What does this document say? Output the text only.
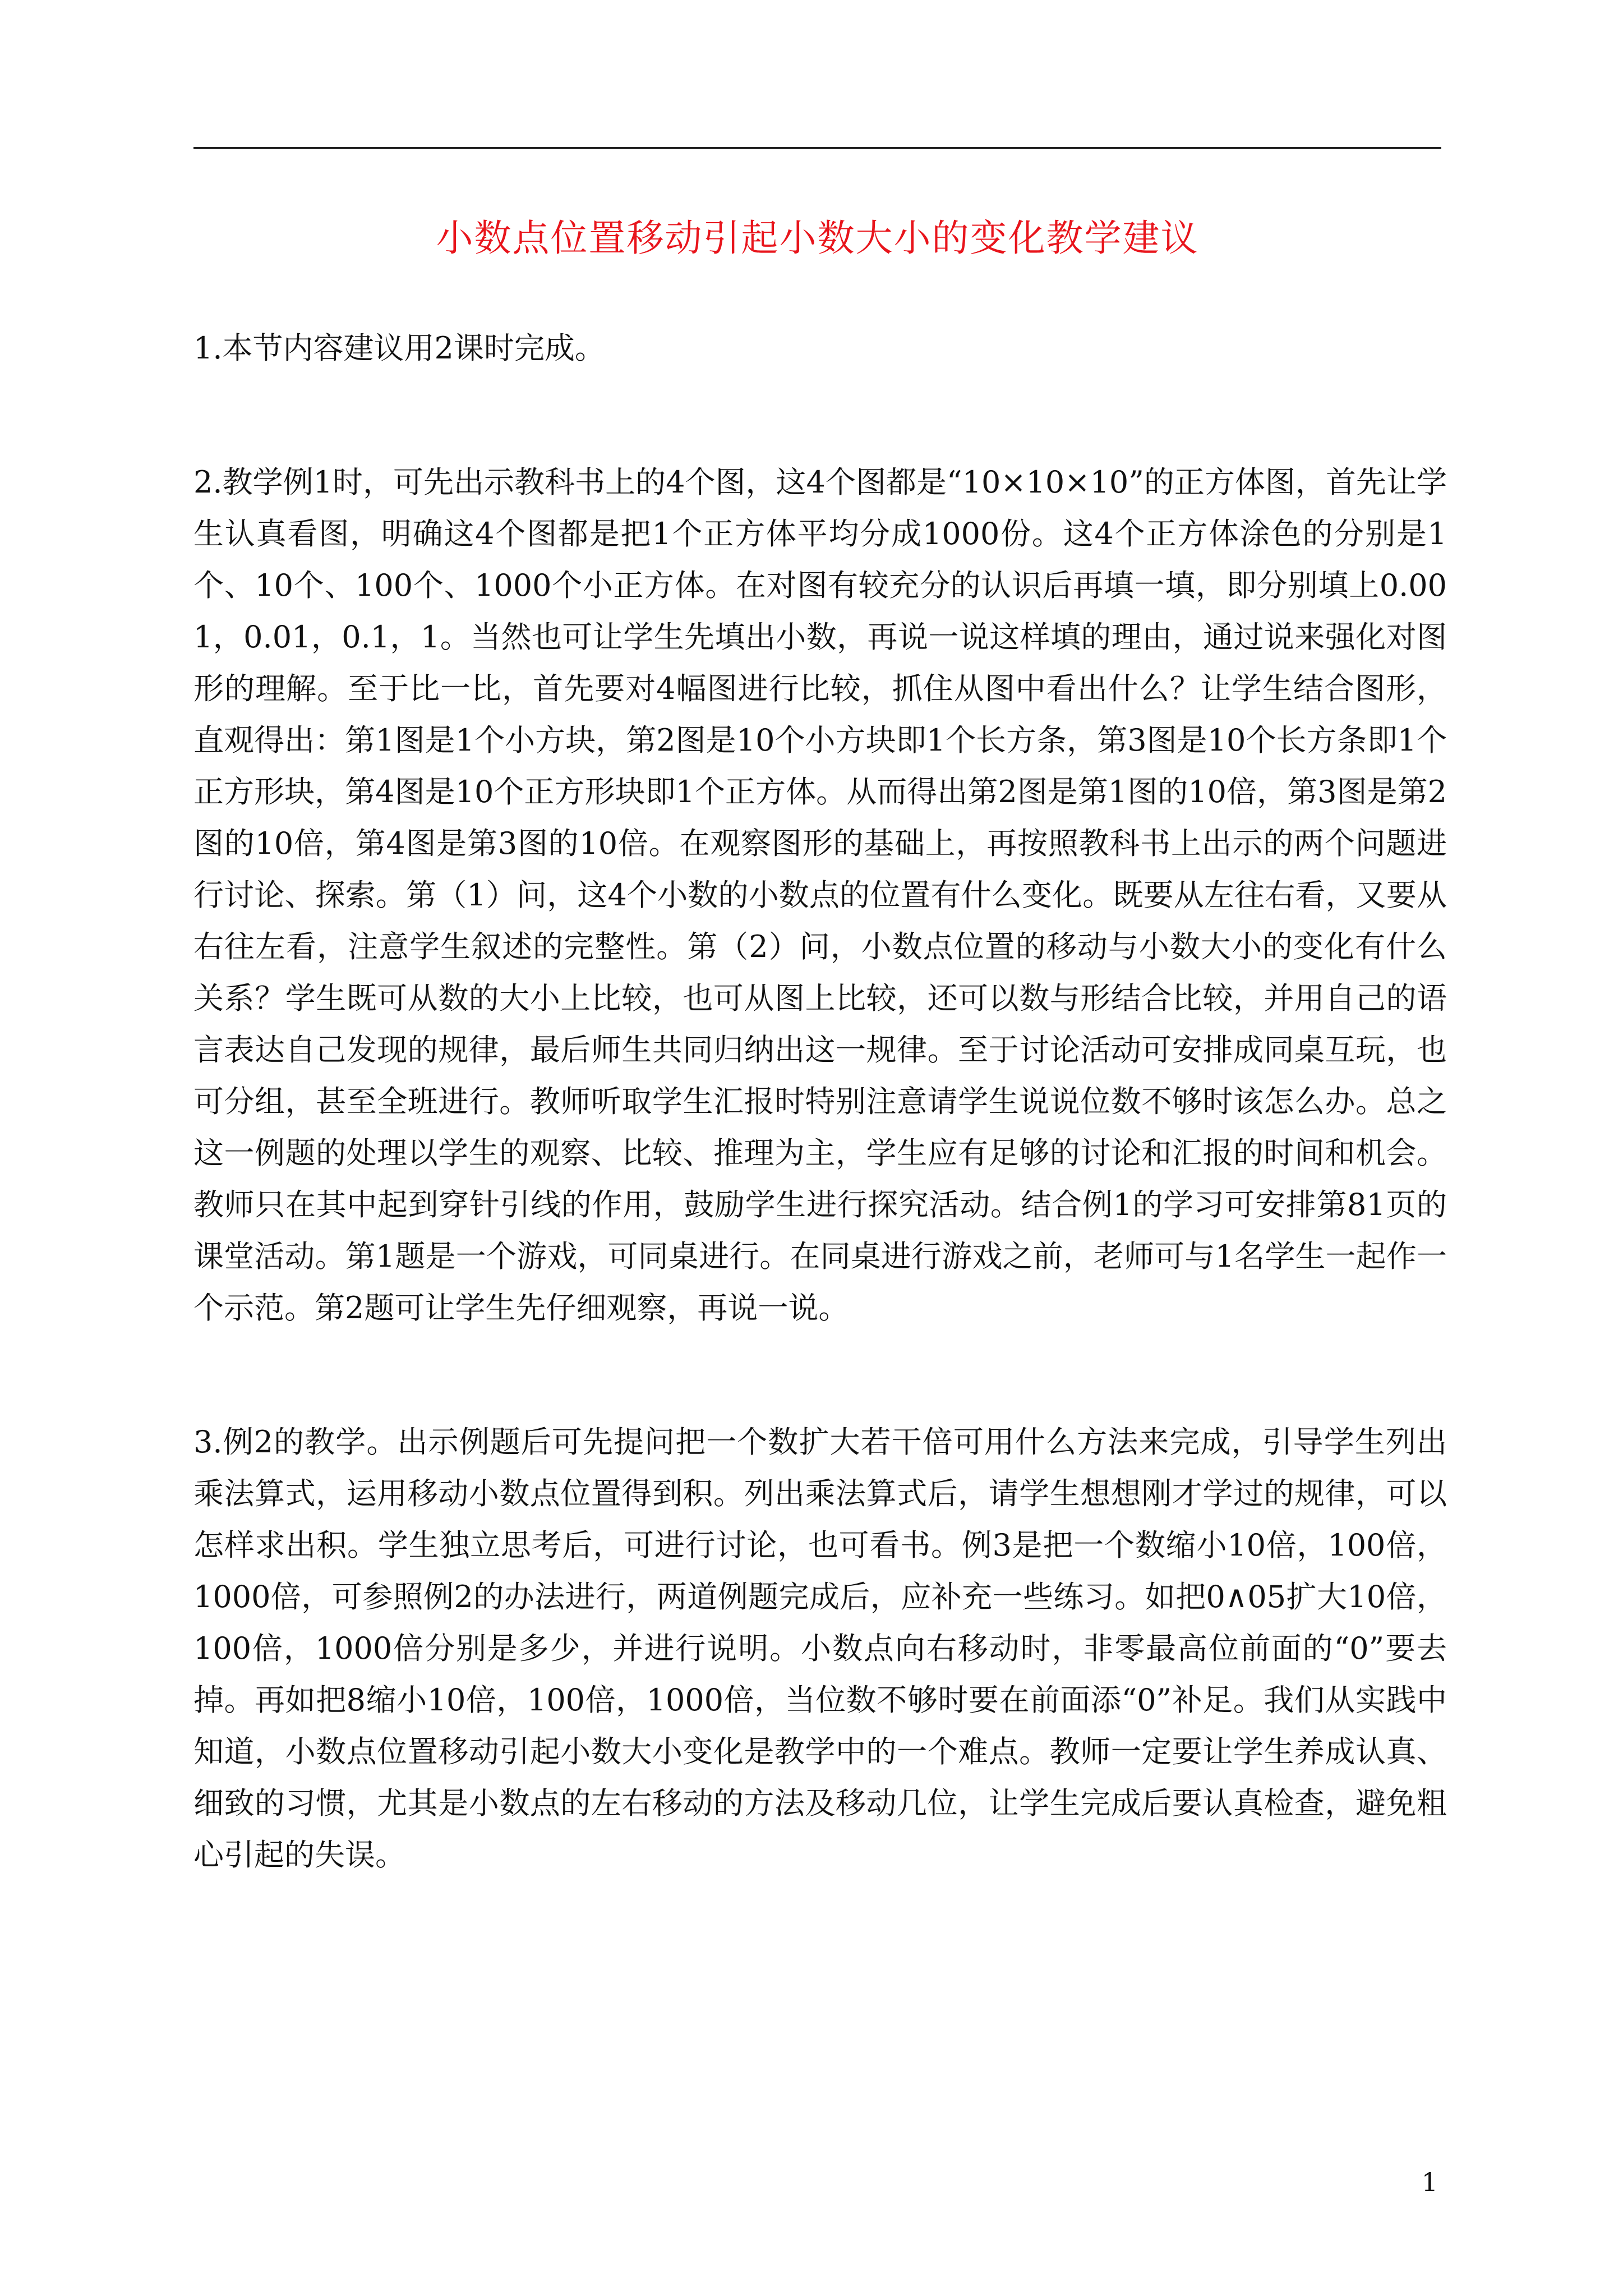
小数点位置移动引起小数大小的变化教学建议

1.本节内容建议用2课时完成。

2.教学例1时，可先出示教科书上的4个图，这4个图都是“10×10×10”的正方体图，首先让学生认真看图，明确这4个图都是把1个正方体平均分成1000份。这4个正方体涂色的分别是1个、10个、100个、1000个小正方体。在对图有较充分的认识后再填一填，即分别填上0.001，0.01，0.1，1。当然也可让学生先填出小数，再说一说这样填的理由，通过说来强化对图形的理解。至于比一比，首先要对4幅图进行比较，抓住从图中看出什么？让学生结合图形，直观得出：第1图是1个小方块，第2图是10个小方块即1个长方条，第3图是10个长方条即1个正方形块，第4图是10个正方形块即1个正方体。从而得出第2图是第1图的10倍，第3图是第2图的10倍，第4图是第3图的10倍。在观察图形的基础上，再按照教科书上出示的两个问题进行讨论、探索。第（1）问，这4个小数的小数点的位置有什么变化。既要从左往右看，又要从右往左看，注意学生叙述的完整性。第（2）问，小数点位置的移动与小数大小的变化有什么关系？学生既可从数的大小上比较，也可从图上比较，还可以数与形结合比较，并用自己的语言表达自己发现的规律，最后师生共同归纳出这一规律。至于讨论活动可安排成同桌互玩，也可分组，甚至全班进行。教师听取学生汇报时特别注意请学生说说位数不够时该怎么办。总之这一例题的处理以学生的观察、比较、推理为主，学生应有足够的讨论和汇报的时间和机会。教师只在其中起到穿针引线的作用，鼓励学生进行探究活动。结合例1的学习可安排第81页的课堂活动。第1题是一个游戏，可同桌进行。在同桌进行游戏之前，老师可与1名学生一起作一个示范。第2题可让学生先仔细观察，再说一说。

3.例2的教学。出示例题后可先提问把一个数扩大若干倍可用什么方法来完成，引导学生列出乘法算式，运用移动小数点位置得到积。列出乘法算式后，请学生想想刚才学过的规律，可以怎样求出积。学生独立思考后，可进行讨论，也可看书。例3是把一个数缩小10倍，100倍，1000倍，可参照例2的办法进行，两道例题完成后，应补充一些练习。如把0∧05扩大10倍，100倍，1000倍分别是多少，并进行说明。小数点向右移动时，非零最高位前面的“0”要去掉。再如把8缩小10倍，100倍，1000倍，当位数不够时要在前面添“0”补足。我们从实践中知道，小数点位置移动引起小数大小变化是教学中的一个难点。教师一定要让学生养成认真、细致的习惯，尤其是小数点的左右移动的方法及移动几位，让学生完成后要认真检查，避免粗心引起的失误。

1
